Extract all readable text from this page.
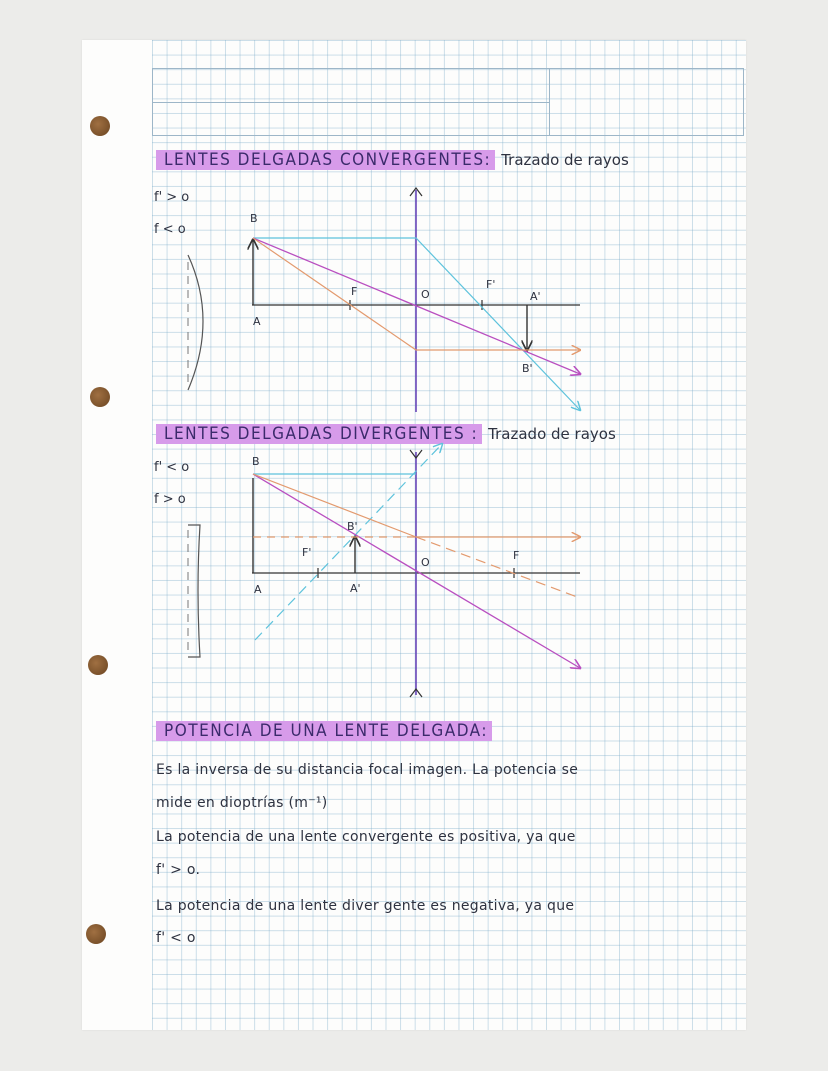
LENTES DELGADAS CONVERGENTES: Trazado de rayos
f' > o
f < o
LENTES DELGADAS DIVERGENTES : Trazado de rayos
f' < o
f > o
B
A
F	O
F'
A'
B'
B
A
F'
O
F
B'
A'
POTENCIA DE UNA LENTE DELGADA:
Es la inversa de su distancia focal imagen. La potencia se
mide en dioptrías (m⁻¹)
La potencia de una lente convergente es positiva, ya que
f' > o.
La potencia de una lente diver gente es negativa, ya que
f' < o
